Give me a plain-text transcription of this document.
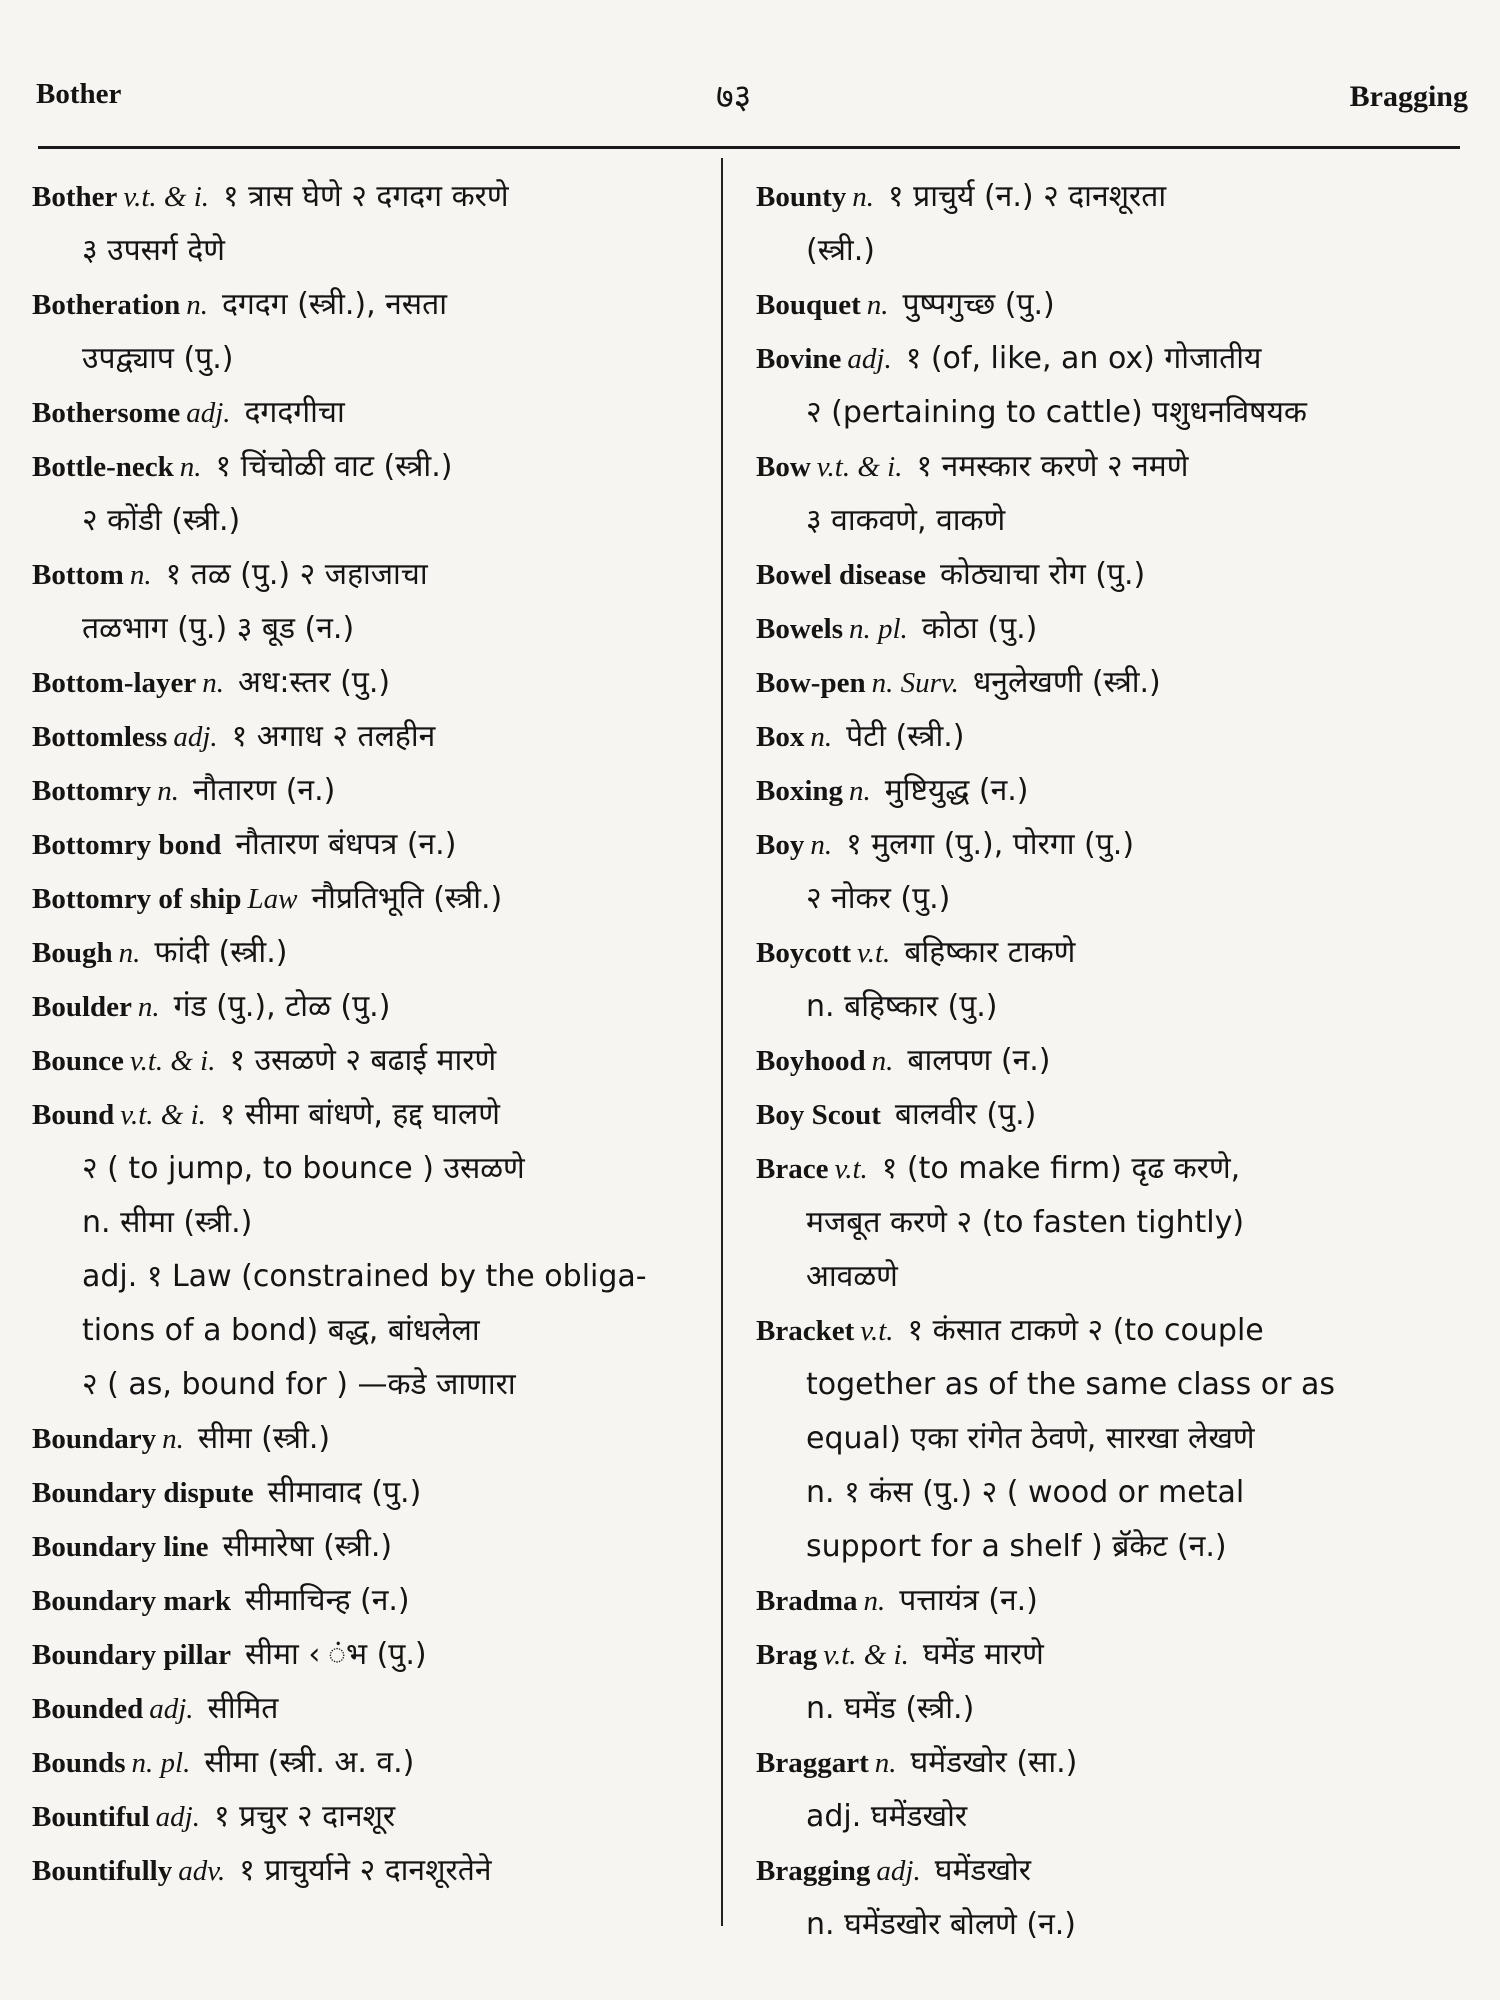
Bother	७३	Bragging
Bother v.t. & i. १ त्रास घेणे २ दगदग करणे
३ उपसर्ग देणे
Botheration n. दगदग (स्त्री.), नसता
उपद्व्याप (पु.)
Bothersome adj. दगदगीचा
Bottle-neck n. १ चिंचोळी वाट (स्त्री.)
२ कोंडी (स्त्री.)
Bottom n. १ तळ (पु.) २ जहाजाचा
तळभाग (पु.) ३ बूड (न.)
Bottom-layer n. अध:स्तर (पु.)
Bottomless adj. १ अगाध २ तलहीन
Bottomry n. नौतारण (न.)
Bottomry bond नौतारण बंधपत्र (न.)
Bottomry of ship Law नौप्रतिभूति (स्त्री.)
Bough n. फांदी (स्त्री.)
Boulder n. गंड (पु.), टोळ (पु.)
Bounce v.t. & i. १ उसळणे २ बढाई मारणे
Bound v.t. & i. १ सीमा बांधणे, हद्द घालणे
२ ( to jump, to bounce ) उसळणे
n. सीमा (स्त्री.)
adj. १ Law (constrained by the obliga-
tions of a bond) बद्ध, बांधलेला
२ ( as, bound for ) —कडे जाणारा
Boundary n. सीमा (स्त्री.)
Boundary dispute सीमावाद (पु.)
Boundary line सीमारेषा (स्त्री.)
Boundary mark सीमाचिन्ह (न.)
Boundary pillar सीमा ‹ ंभ (पु.)
Bounded adj. सीमित
Bounds n. pl. सीमा (स्त्री. अ. व.)
Bountiful adj. १ प्रचुर २ दानशूर
Bountifully adv. १ प्राचुर्याने २ दानशूरतेने
Bounty n. १ प्राचुर्य (न.) २ दानशूरता
(स्त्री.)
Bouquet n. पुष्पगुच्छ (पु.)
Bovine adj. १ (of, like, an ox) गोजातीय
२ (pertaining to cattle) पशुधनविषयक
Bow v.t. & i. १ नमस्कार करणे २ नमणे
३ वाकवणे, वाकणे
Bowel disease कोठ्याचा रोग (पु.)
Bowels n. pl. कोठा (पु.)
Bow-pen n. Surv. धनुलेखणी (स्त्री.)
Box n. पेटी (स्त्री.)
Boxing n. मुष्टियुद्ध (न.)
Boy n. १ मुलगा (पु.), पोरगा (पु.)
२ नोकर (पु.)
Boycott v.t. बहिष्कार टाकणे
n. बहिष्कार (पु.)
Boyhood n. बालपण (न.)
Boy Scout बालवीर (पु.)
Brace v.t. १ (to make firm) दृढ करणे,
मजबूत करणे २ (to fasten tightly)
आवळणे
Bracket v.t. १ कंसात टाकणे २ (to couple
together as of the same class or as
equal) एका रांगेत ठेवणे, सारखा लेखणे
n. १ कंस (पु.) २ ( wood or metal
support for a shelf ) ब्रॅकेट (न.)
Bradma n. पत्तायंत्र (न.)
Brag v.t. & i. घमेंड मारणे
n. घमेंड (स्त्री.)
Braggart n. घमेंडखोर (सा.)
adj. घमेंडखोर
Bragging adj. घमेंडखोर
n. घमेंडखोर बोलणे (न.)
